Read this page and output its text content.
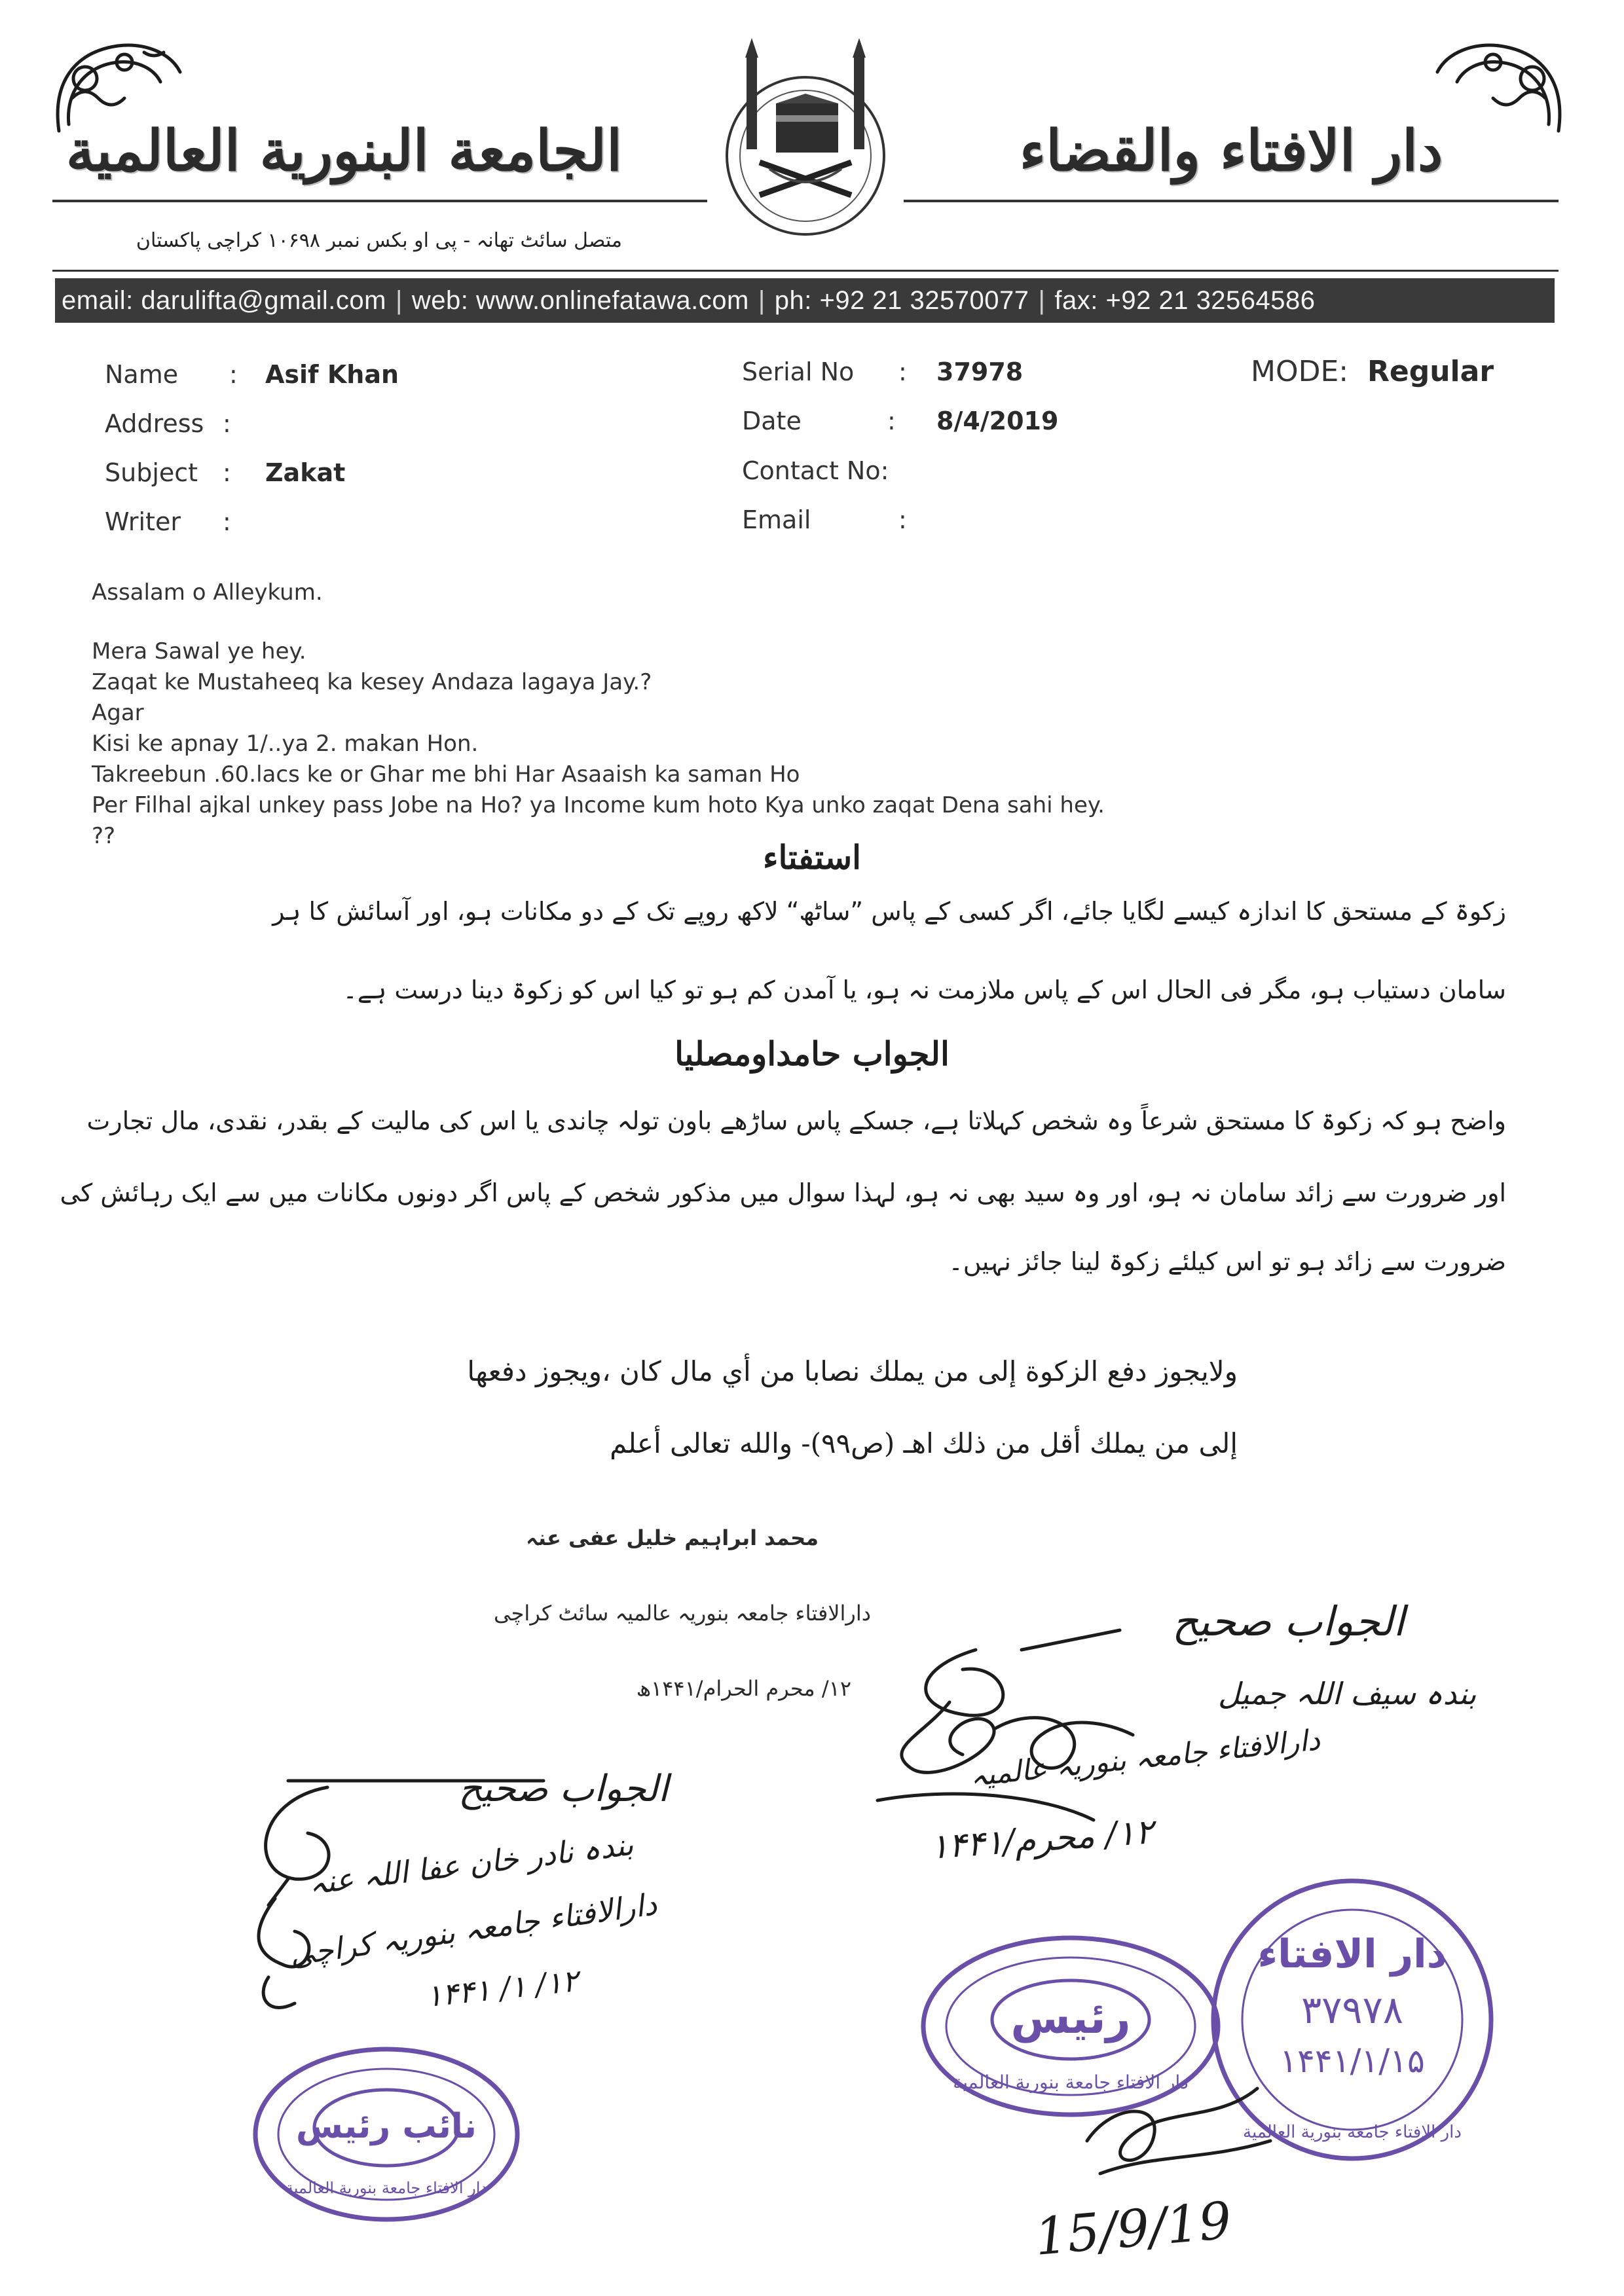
الجامعة البنورية العالمية	دار الافتاء والقضاء
متصل سائٹ تھانہ - پی او بکس نمبر ۱۰۶۹۸ کراچی پاکستان
email: darulifta@gmail.com | web: www.onlinefatawa.com | ph: +92 21 32570077 | fax: +92 21 32564586
Name : Asif Khan
Address :
Subject : Zakat
Writer :
Serial No : 37978
Date	: 8/4/2019
Contact No:
Email	:
MODE: Regular
Assalam o Alleykum.
Mera Sawal ye hey.
Zaqat ke Mustaheeq ka kesey Andaza lagaya Jay.?
Agar
Kisi ke apnay 1/..ya 2. makan Hon.
Takreebun .60.lacs ke or Ghar me bhi Har Asaaish ka saman Ho
Per Filhal ajkal unkey pass Jobe na Ho? ya Income kum hoto Kya unko zaqat Dena sahi hey.
??
استفتاء
زکوۃ کے مستحق کا اندازہ کیسے لگایا جائے، اگر کسی کے پاس ”ساٹھ“ لاکھ روپے تک کے دو مکانات ہو، اور آسائش کا ہر
سامان دستیاب ہو، مگر فی الحال اس کے پاس ملازمت نہ ہو، یا آمدن کم ہو تو کیا اس کو زکوۃ دینا درست ہے۔
الجواب حامداومصليا
واضح ہو کہ زکوۃ کا مستحق شرعاً وہ شخص کہلاتا ہے، جسکے پاس ساڑھے باون تولہ چاندی یا اس کی مالیت کے بقدر، نقدی، مال تجارت
اور ضرورت سے زائد سامان نہ ہو، اور وہ سید بھی نہ ہو، لہذا سوال میں مذکور شخص کے پاس اگر دونوں مکانات میں سے ایک رہائش کی
ضرورت سے زائد ہو تو اس کیلئے زکوۃ لینا جائز نہیں۔
ولایجوز دفع الزکوة إلی من یملك نصابا من أي مال كان ،ويجوز دفعها
إلی من يملك أقل من ذلك اهـ (ص٩٩)- والله تعالى أعلم
محمد ابراہیم خلیل عفی عنہ
دارالافتاء جامعہ بنوریہ عالمیہ سائٹ کراچی
۱۲/ محرم الحرام/۱۴۴۱ھ
الجواب صحیح
بندہ سیف اللہ جمیل
دارالافتاء جامعہ بنوریہ عالمیہ
۱۲/ محرم/۱۴۴۱
الجواب صحیح
بندہ نادر خان عفا اللہ عنہ
دارالافتاء جامعہ بنوریہ کراچی
۱۲/ ۱/ ۱۴۴۱
رئیس
دار الافتاء جامعة بنورية العالمية
دار الافتاء
۳۷۹۷۸
۱۴۴۱/۱/۱۵
دار الافتاء جامعة بنورية العالمية
نائب رئیس
دار الافتاء جامعة بنورية العالمية
15/9/19
